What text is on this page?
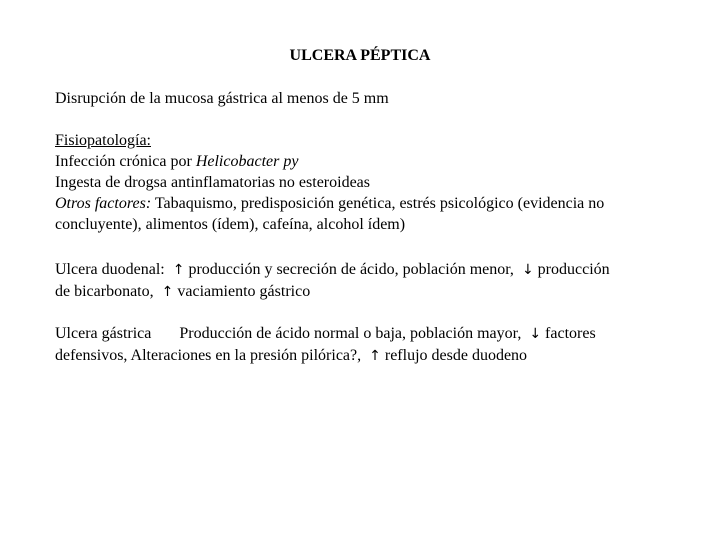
ULCERA PÉPTICA
Disrupción de la mucosa gástrica al menos de 5 mm
Fisiopatología:
Infección crónica por Helicobacter py
Ingesta de drogsa antinflamatorias no esteroideas
Otros factores: Tabaquismo, predisposición genética, estrés psicológico (evidencia no
concluyente), alimentos (ídem), cafeína, alcohol ídem)
Ulcera duodenal: ↑ producción y secreción de ácido, población menor, ↓ producción
de bicarbonato, ↑ vaciamiento gástrico
Ulcera gástrica Producción de ácido normal o baja, población mayor, ↓ factores
defensivos, Alteraciones en la presión pilórica?, ↑ reflujo desde duodeno
